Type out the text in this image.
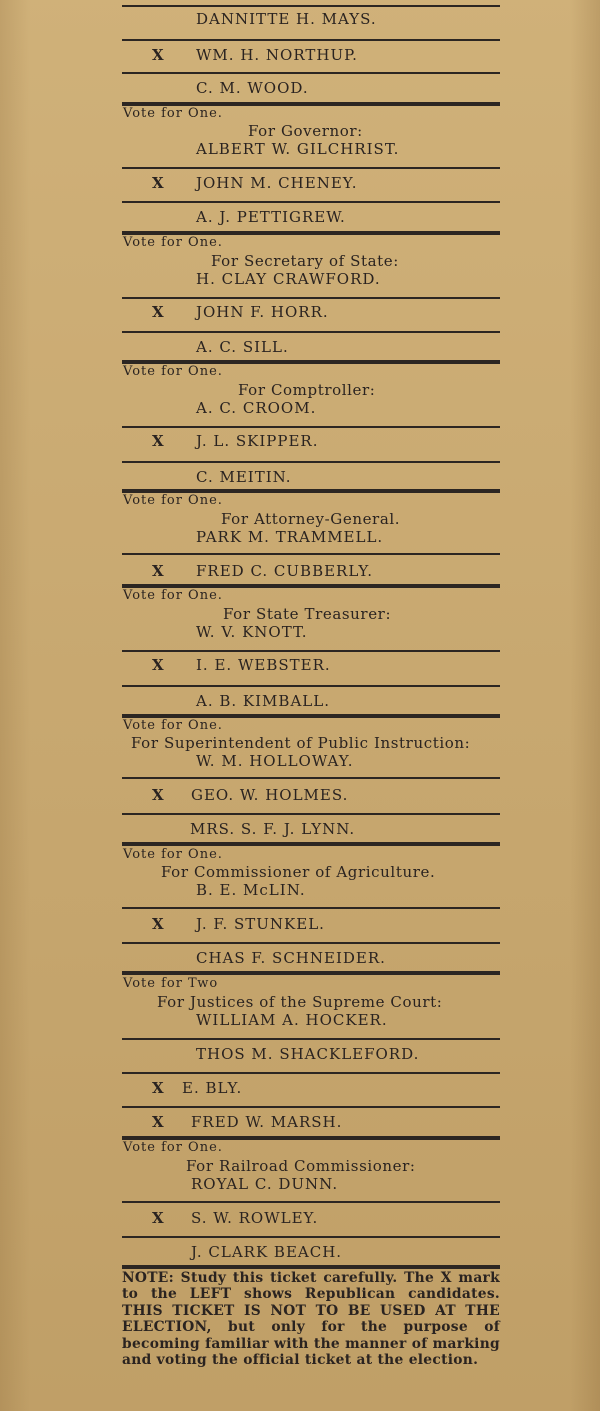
DANNITTE H. MAYS.
X WM. H. NORTHUP.
C. M. WOOD.
Vote for One.
For Governor:
ALBERT W. GILCHRIST.
X JOHN M. CHENEY.
A. J. PETTIGREW.
Vote for One.
For Secretary of State:
H. CLAY CRAWFORD.
X JOHN F. HORR.
A. C. SILL.
Vote for One.
For Comptroller:
A. C. CROOM.
X J. L. SKIPPER.
C. MEITIN.
Vote for One.
For Attorney-General.
PARK M. TRAMMELL.
X FRED C. CUBBERLY.
Vote for One.
For State Treasurer:
W. V. KNOTT.
X I. E. WEBSTER.
A. B. KIMBALL.
Vote for One.
For Superintendent of Public Instruction:
W. M. HOLLOWAY.
X GEO. W. HOLMES.
MRS. S. F. J. LYNN.
Vote for One.
For Commissioner of Agriculture.
B. E. McLIN.
X J. F. STUNKEL.
CHAS F. SCHNEIDER.
Vote for Two
For Justices of the Supreme Court:
WILLIAM A. HOCKER.
THOS M. SHACKLEFORD.
X E. BLY.
X FRED W. MARSH.
Vote for One.
For Railroad Commissioner:
ROYAL C. DUNN.
X S. W. ROWLEY.
J. CLARK BEACH.
NOTE: Study this ticket carefully. The X mark to the LEFT shows Republican candidates. THIS TICKET IS NOT TO BE USED AT THE ELECTION, but only for the purpose of becoming familiar with the manner of marking and voting the official ticket at the election.
